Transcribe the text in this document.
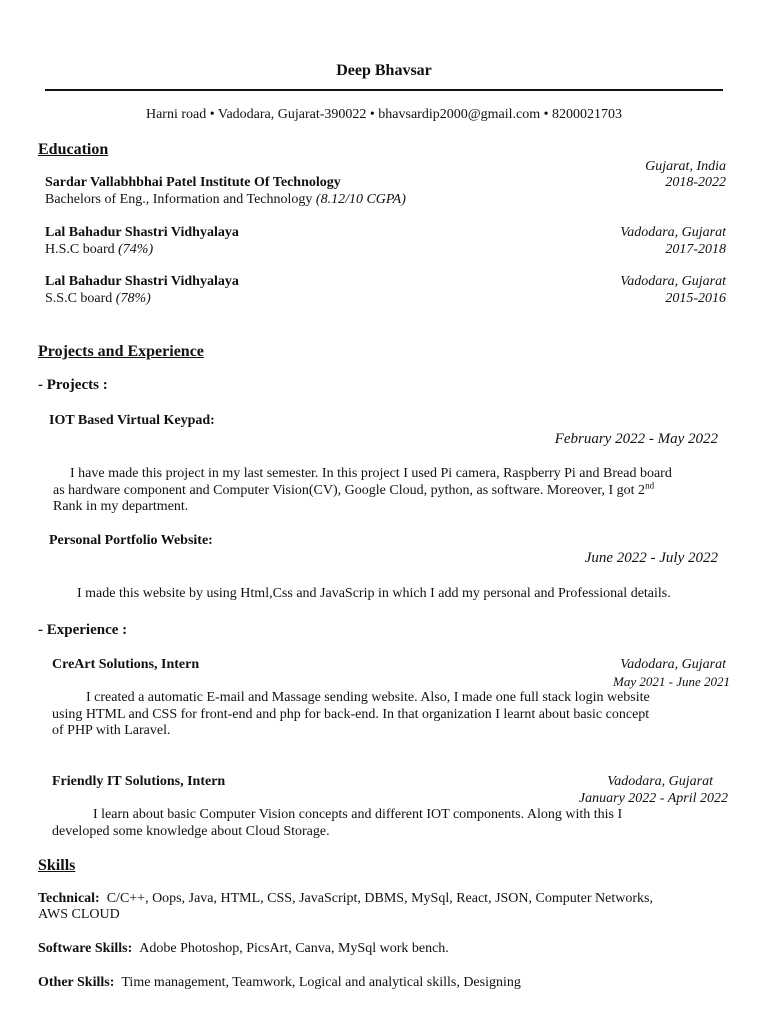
Deep Bhavsar
Harni road • Vadodara, Gujarat-390022 • bhavsardip2000@gmail.com • 8200021703
Education
Gujarat, India
Sardar Vallabhbhai Patel Institute Of Technology	2018-2022
Bachelors of Eng., Information and Technology (8.12/10 CGPA)
Lal Bahadur Shastri Vidhyalaya	Vadodara, Gujarat
H.S.C board (74%)	2017-2018
Lal Bahadur Shastri Vidhyalaya	Vadodara, Gujarat
S.S.C board (78%)	2015-2016
Projects and Experience
- Projects :
IOT Based Virtual Keypad:
February 2022 - May 2022
I have made this project in my last semester. In this project I used Pi camera, Raspberry Pi and Bread board
as hardware component and Computer Vision(CV), Google Cloud, python, as software. Moreover, I got 2nd
Rank in my department.
Personal Portfolio Website:
June 2022 - July 2022
I made this website by using Html,Css and JavaScrip in which I add my personal and Professional details.
- Experience :
CreArt Solutions, Intern	Vadodara, Gujarat
May 2021 - June 2021
I created a automatic E-mail and Massage sending website. Also, I made one full stack login website
using HTML and CSS for front-end and php for back-end. In that organization I learnt about basic concept
of PHP with Laravel.
Friendly IT Solutions, Intern	Vadodara, Gujarat
January 2022 - April 2022
I learn about basic Computer Vision concepts and different IOT components. Along with this I
developed some knowledge about Cloud Storage.
Skills
Technical: C/C++, Oops, Java, HTML, CSS, JavaScript, DBMS, MySql, React, JSON, Computer Networks,
AWS CLOUD
Software Skills: Adobe Photoshop, PicsArt, Canva, MySql work bench.
Other Skills: Time management, Teamwork, Logical and analytical skills, Designing
